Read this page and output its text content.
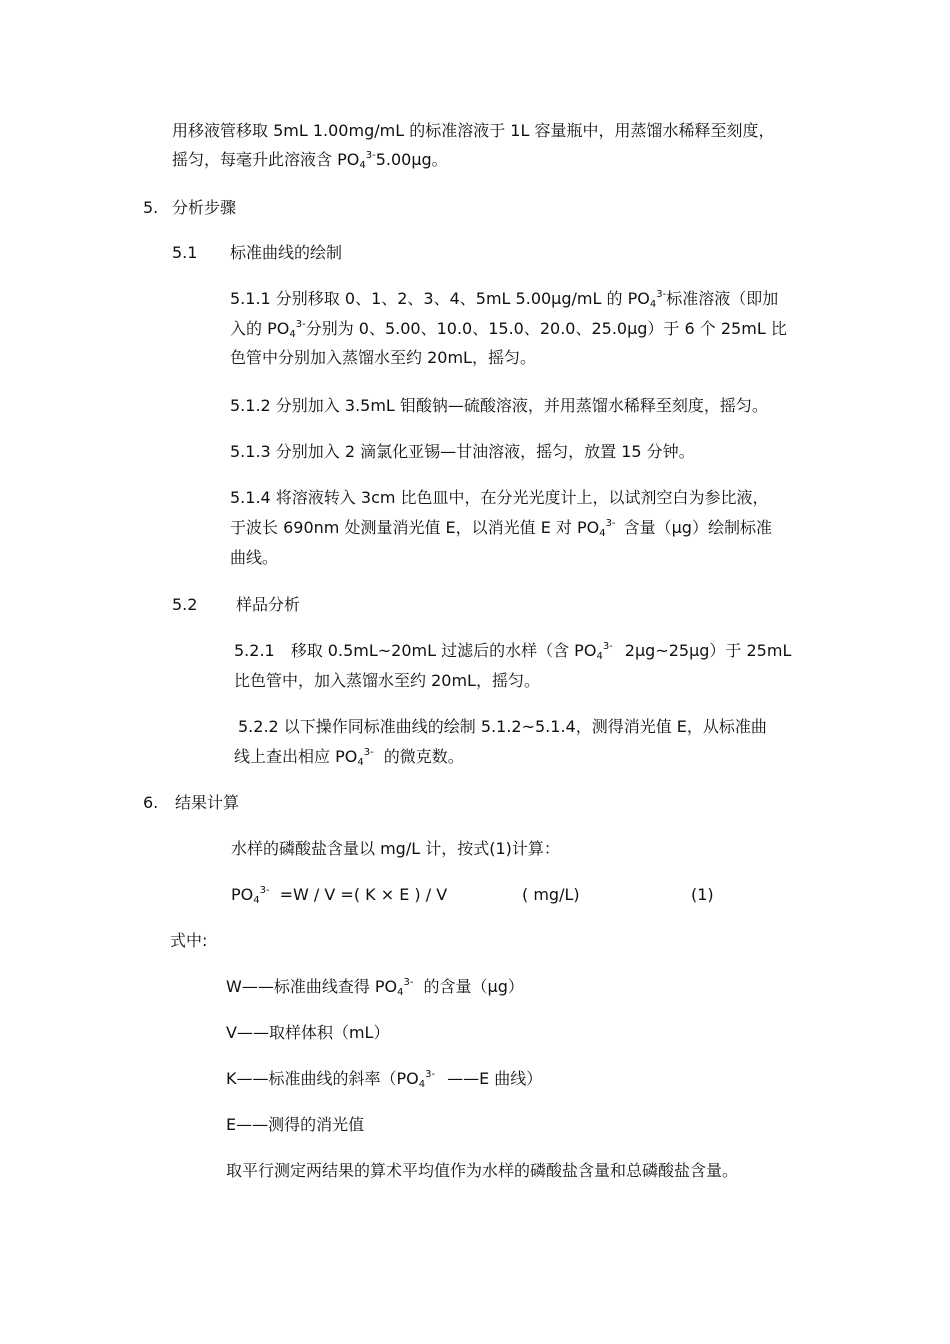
用移液管移取 5mL 1.00mg/mL 的标准溶液于 1L 容量瓶中，用蒸馏水稀释至刻度，
摇匀，每毫升此溶液含 $PO_4^{3-}5.00\mu g$。
5. 分析步骤
5.1 标准曲线的绘制
5.1.1 分别移取 0、1、2、3、4、5mL 5.00μg/mL 的 $PO_4^{3-}$标准溶液（即加
入的 $PO_4^{3-}$分别为 0、5.00、10.0、15.0、20.0、25.0μg）于 6 个 25mL 比
色管中分别加入蒸馏水至约 20mL，摇匀。
5.1.2 分别加入 3.5mL 钼酸钠—硫酸溶液，并用蒸馏水稀释至刻度，摇匀。
5.1.3 分别加入 2 滴氯化亚锡—甘油溶液，摇匀，放置 15 分钟。
5.1.4 将溶液转入 3cm 比色皿中，在分光光度计上，以试剂空白为参比液，
于波长 690nm 处测量消光值 E，以消光值 E 对 $PO_4^{3-}$ 含量（μg）绘制标准
曲线。
5.2 样品分析
5.2.1　移取 0.5mL~20mL 过滤后的水样（含 $PO_4^{3-}$ 2μg~25μg）于 25mL
比色管中，加入蒸馏水至约 20mL，摇匀。
5.2.2 以下操作同标准曲线的绘制 5.1.2~5.1.4，测得消光值 E，从标准曲
线上查出相应 $PO_4^{3-}$ 的微克数。
6. 结果计算
水样的磷酸盐含量以 mg/L 计，按式(1)计算：
$PO_4^{3-} =W / V$ =( K × E ) / V	( mg/L)	(1)
式中:
W——标准曲线查得 $PO_4^{3-}$ 的含量（μg）
V——取样体积（mL）
K——标准曲线的斜率（$PO_4^{3-}$ ——E 曲线）
E——测得的消光值
取平行测定两结果的算术平均值作为水样的磷酸盐含量和总磷酸盐含量。
